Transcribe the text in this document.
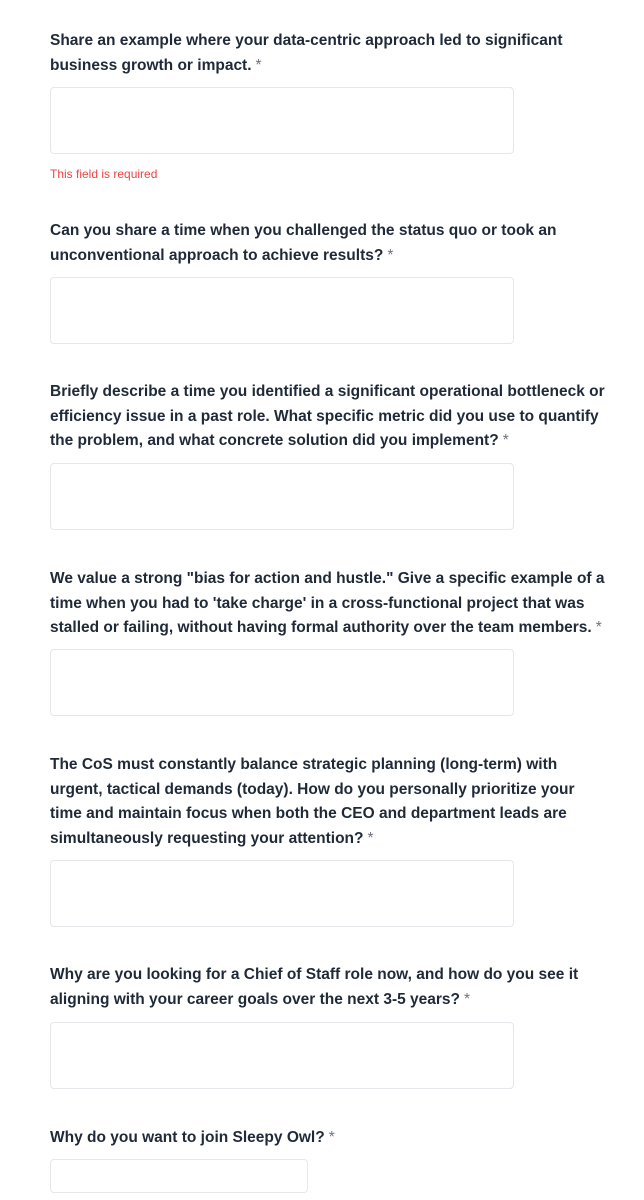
Share an example where your data-centric approach led to significant business growth or impact. *

This field is required

Can you share a time when you challenged the status quo or took an unconventional approach to achieve results? *

Briefly describe a time you identified a significant operational bottleneck or efficiency issue in a past role. What specific metric did you use to quantify the problem, and what concrete solution did you implement? *

We value a strong "bias for action and hustle." Give a specific example of a time when you had to 'take charge' in a cross-functional project that was stalled or failing, without having formal authority over the team members. *

The CoS must constantly balance strategic planning (long-term) with urgent, tactical demands (today). How do you personally prioritize your time and maintain focus when both the CEO and department leads are simultaneously requesting your attention? *

Why are you looking for a Chief of Staff role now, and how do you see it aligning with your career goals over the next 3-5 years? *

Why do you want to join Sleepy Owl? *
